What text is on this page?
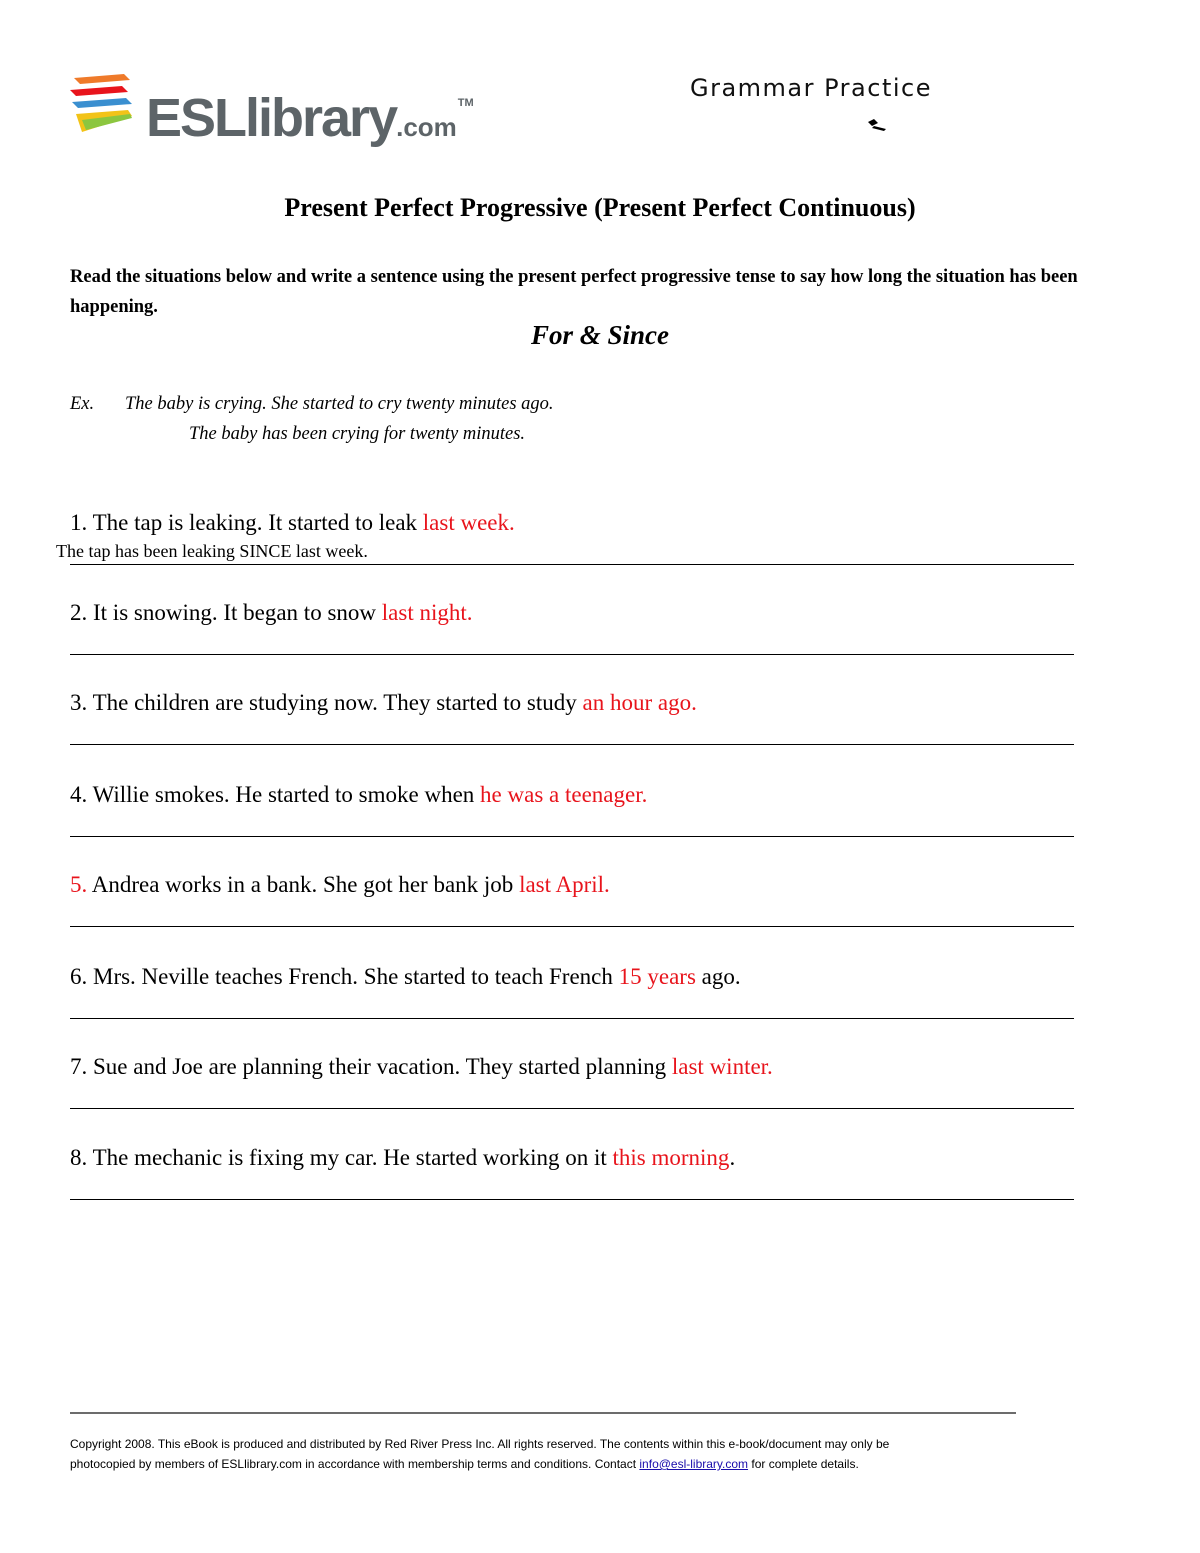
ESLlibrary.com™
Grammar Practice
Present Perfect Progressive (Present Perfect Continuous)
Read the situations below and write a sentence using the present perfect progressive tense to say how long the situation has been happening.
For & Since
Ex. The baby is crying. She started to cry twenty minutes ago.
The baby has been crying for twenty minutes.
1. The tap is leaking. It started to leak last week.
The tap has been leaking SINCE last week.
2. It is snowing. It began to snow last night.
3. The children are studying now. They started to study an hour ago.
4. Willie smokes. He started to smoke when he was a teenager.
5. Andrea works in a bank. She got her bank job last April.
6. Mrs. Neville teaches French. She started to teach French 15 years ago.
7. Sue and Joe are planning their vacation. They started planning last winter.
8. The mechanic is fixing my car. He started working on it this morning.
Copyright 2008. This eBook is produced and distributed by Red River Press Inc. All rights reserved. The contents within this e-book/document may only be
photocopied by members of ESLlibrary.com in accordance with membership terms and conditions. Contact info@esl-library.com for complete details.
